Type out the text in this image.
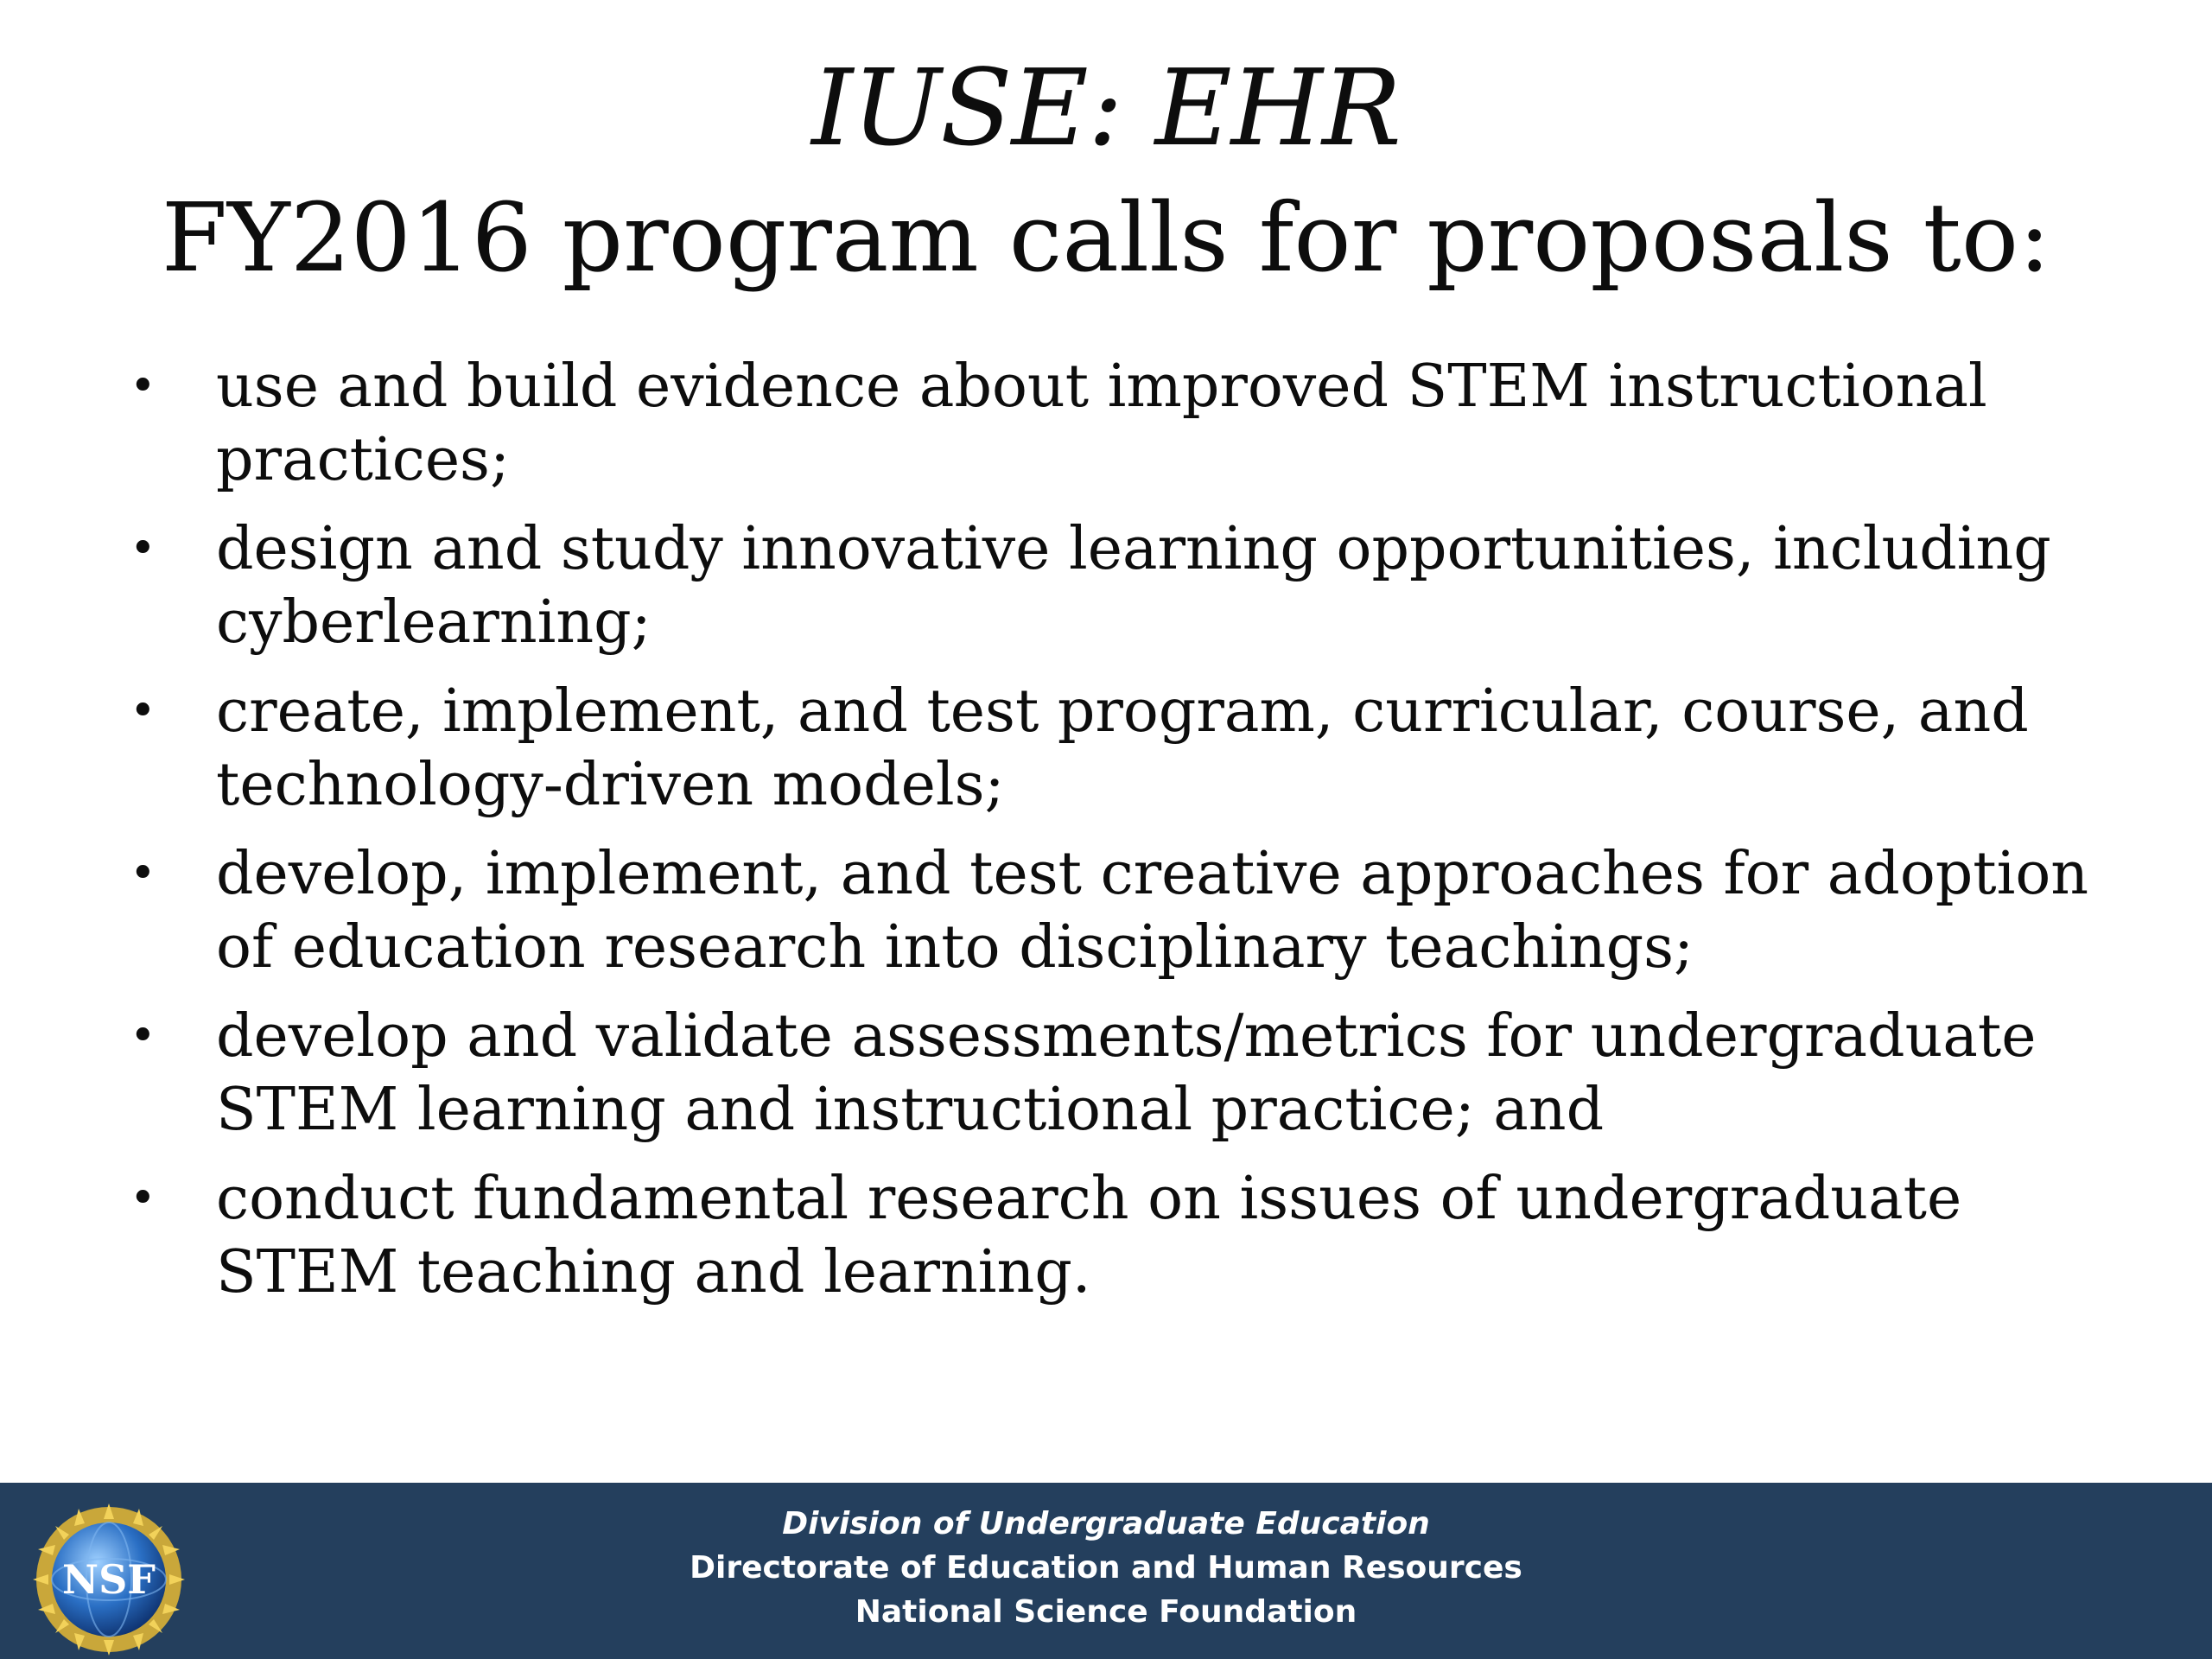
IUSE: EHR
FY2016 program calls for proposals to:
• use and build evidence about improved STEM instructional practices;
• design and study innovative learning opportunities, including cyberlearning;
• create, implement, and test program, curricular, course, and technology-driven models;
• develop, implement, and test creative approaches for adoption of education research into disciplinary teachings;
• develop and validate assessments/metrics for undergraduate STEM learning and instructional practice; and
• conduct fundamental research on issues of undergraduate STEM teaching and learning.
NSF
Division of Undergraduate Education
Directorate of Education and Human Resources
National Science Foundation
